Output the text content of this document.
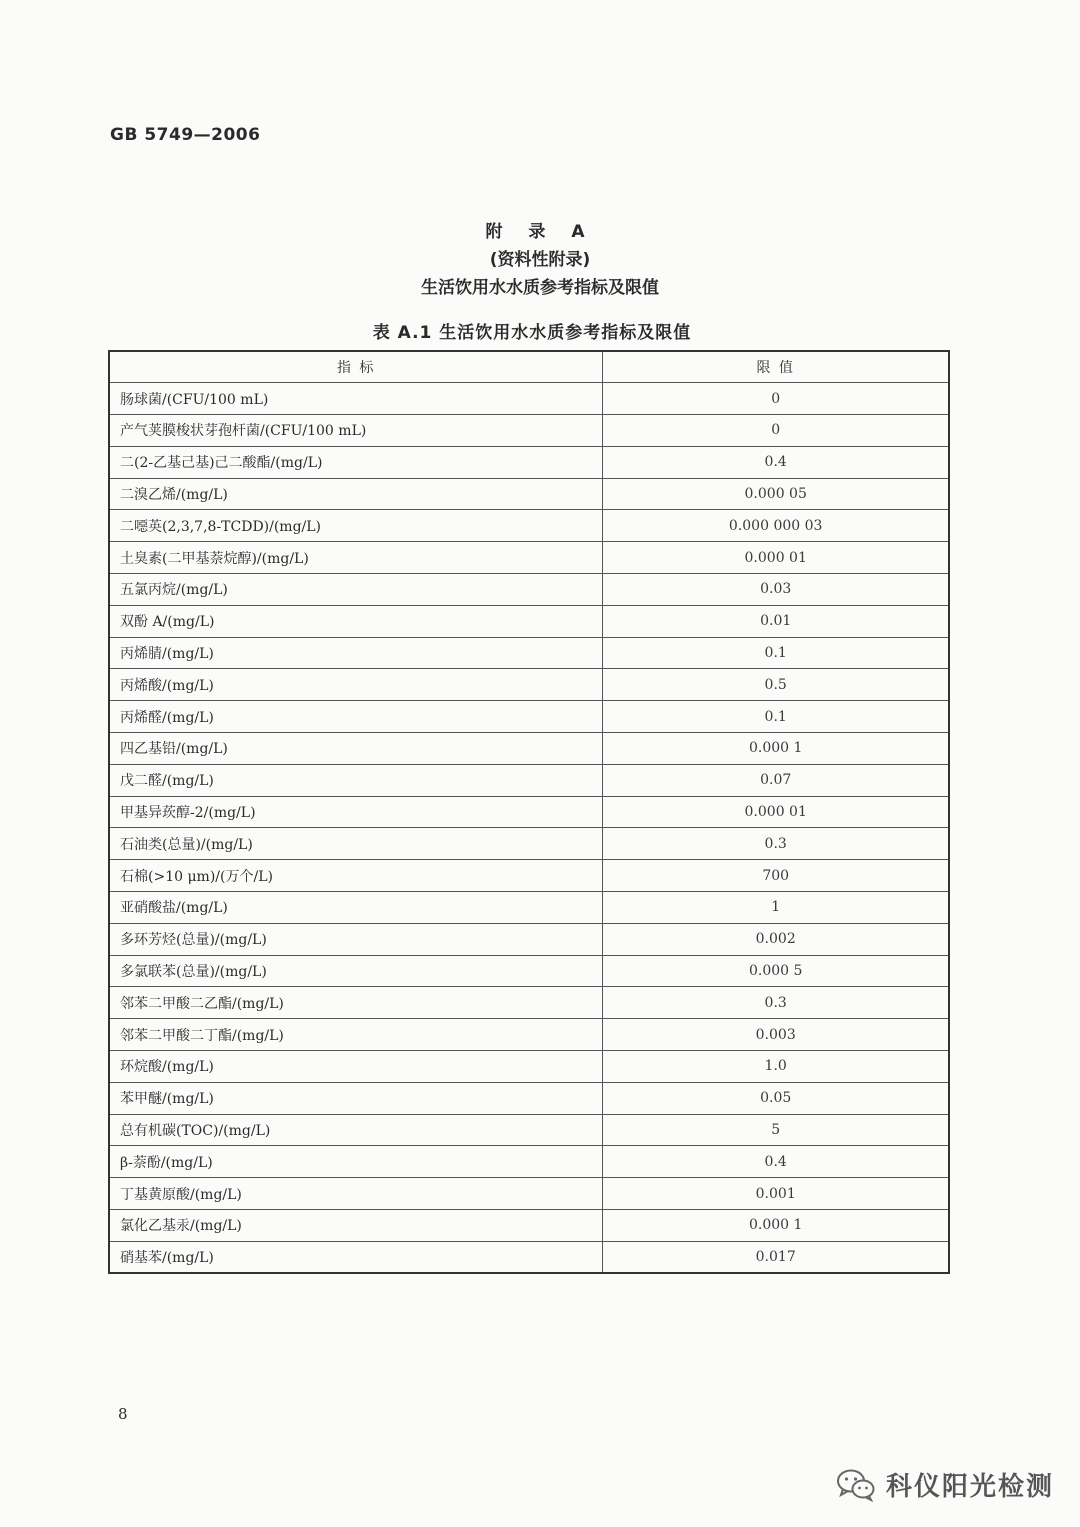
GB 5749—2006
附 录 A
(资料性附录)
生活饮用水水质参考指标及限值
表 A.1 生活饮用水水质参考指标及限值
指 标	限 值
肠球菌/(CFU/100 mL)	0
产气荚膜梭状芽孢杆菌/(CFU/100 mL)	0
二(2-乙基己基)己二酸酯/(mg/L)	0.4
二溴乙烯/(mg/L)	0.000 05
二噁英(2,3,7,8-TCDD)/(mg/L)	0.000 000 03
土臭素(二甲基萘烷醇)/(mg/L)	0.000 01
五氯丙烷/(mg/L)	0.03
双酚 A/(mg/L)	0.01
丙烯腈/(mg/L)	0.1
丙烯酸/(mg/L)	0.5
丙烯醛/(mg/L)	0.1
四乙基铅/(mg/L)	0.000 1
戊二醛/(mg/L)	0.07
甲基异莰醇-2/(mg/L)	0.000 01
石油类(总量)/(mg/L)	0.3
石棉(>10 μm)/(万个/L)	700
亚硝酸盐/(mg/L)	1
多环芳烃(总量)/(mg/L)	0.002
多氯联苯(总量)/(mg/L)	0.000 5
邻苯二甲酸二乙酯/(mg/L)	0.3
邻苯二甲酸二丁酯/(mg/L)	0.003
环烷酸/(mg/L)	1.0
苯甲醚/(mg/L)	0.05
总有机碳(TOC)/(mg/L)	5
β-萘酚/(mg/L)	0.4
丁基黄原酸/(mg/L)	0.001
氯化乙基汞/(mg/L)	0.000 1
硝基苯/(mg/L)	0.017
8
科仪阳光检测
